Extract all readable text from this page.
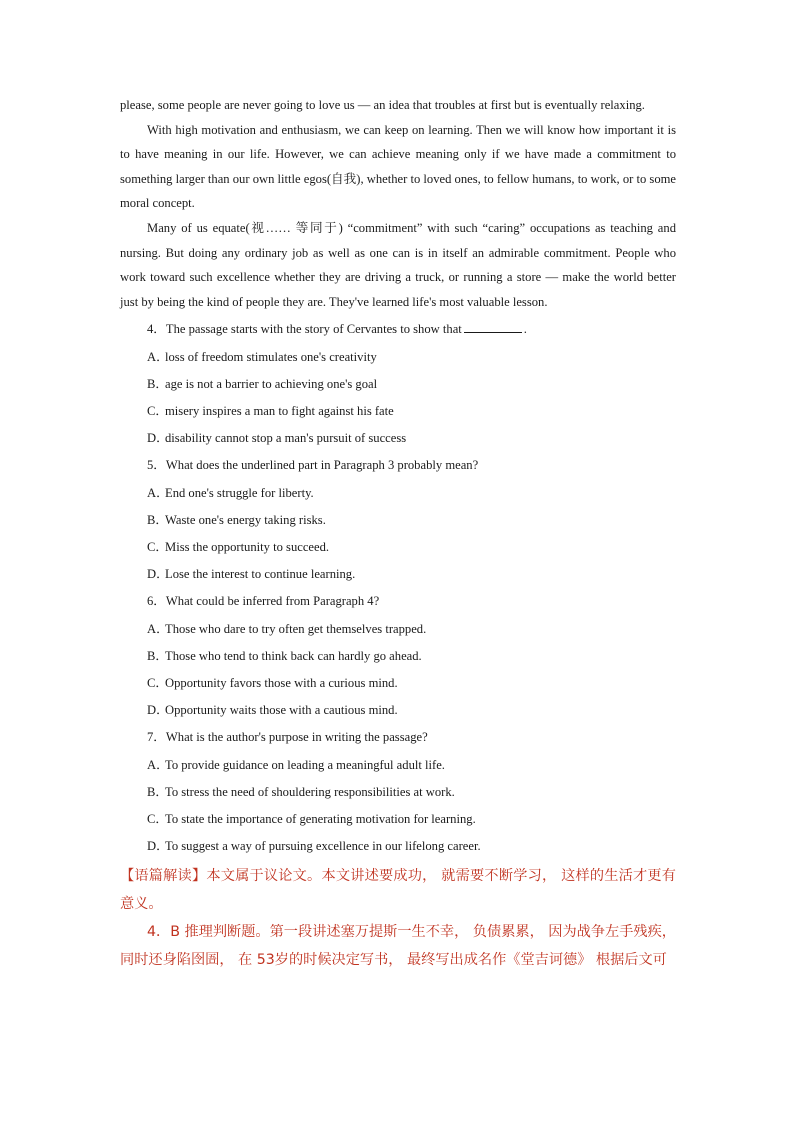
please, some people are never going to love us — an idea that troubles at first but is eventually relaxing.

With high motivation and enthusiasm, we can keep on learning. Then we will know how important it is to have meaning in our life. However, we can achieve meaning only if we have made a commitment to something larger than our own little egos(自我), whether to loved ones, to fellow humans, to work, or to some moral concept.

Many of us equate(视…… 等同于) “commitment” with such “caring” occupations as teaching and nursing. But doing any ordinary job as well as one can is in itself an admirable commitment. People who work toward such excellence whether they are driving a truck, or running a store — make the world better just by being the kind of people they are. They've learned life's most valuable lesson.

4．The passage starts with the story of Cervantes to show that	.

A．loss of freedom stimulates one's creativity

B．age is not a barrier to achieving one's goal

C．misery inspires a man to fight against his fate

D．disability cannot stop a man's pursuit of success

5．What does the underlined part in Paragraph 3 probably mean?

A．End one's struggle for liberty.

B．Waste one's energy taking risks.

C．Miss the opportunity to succeed.

D．Lose the interest to continue learning.

6．What could be inferred from Paragraph 4?

A．Those who dare to try often get themselves trapped.

B．Those who tend to think back can hardly go ahead.

C．Opportunity favors those with a curious mind.

D．Opportunity waits those with a cautious mind.

7．What is the author's purpose in writing the passage?

A．To provide guidance on leading a meaningful adult life.

B．To stress the need of shouldering responsibilities at work.

C．To state the importance of generating motivation for learning.

D．To suggest a way of pursuing excellence in our lifelong career.

【语篇解读】本文属于议论文。本文讲述要成功， 就需要不断学习， 这样的生活才更有意义。

4．B 推理判断题。第一段讲述塞万提斯一生不幸， 负债累累， 因为战争左手残疾，同时还身陷囹圄， 在 53岁的时候决定写书， 最终写出成名作《堂吉诃德》 根据后文可
